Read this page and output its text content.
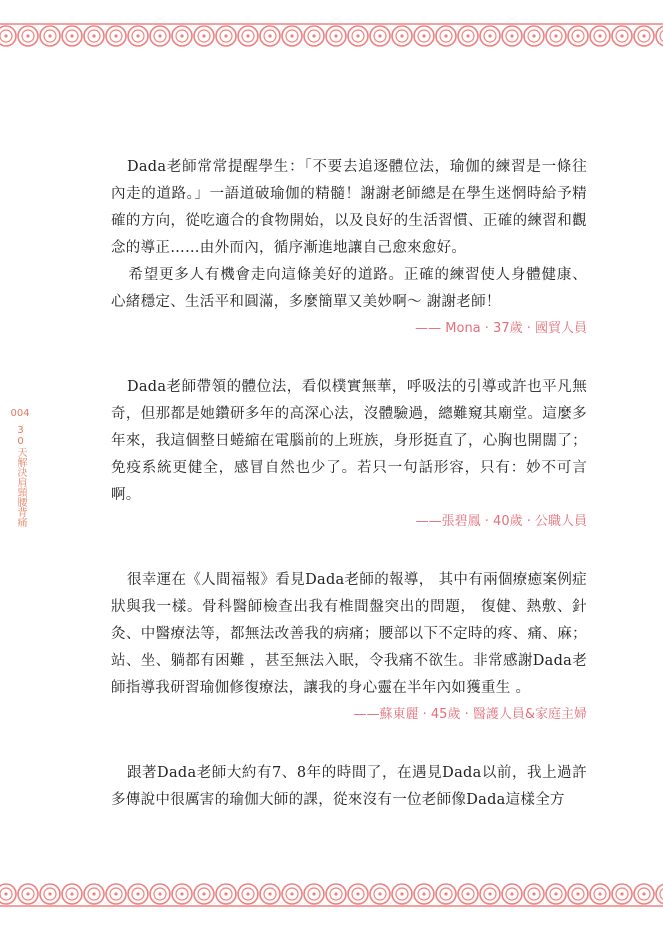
004
30天解決肩頸腰背痛

Dada老師常常提醒學生：「不要去追逐體位法，瑜伽的練習是一條往內走的道路。」一語道破瑜伽的精髓！謝謝老師總是在學生迷惘時給予精確的方向，從吃適合的食物開始，以及良好的生活習慣、正確的練習和觀念的導正……由外而內，循序漸進地讓自己愈來愈好。

希望更多人有機會走向這條美好的道路。正確的練習使人身體健康、心緒穩定、生活平和圓滿，多麼簡單又美妙啊～ 謝謝老師！

—— Mona ‧ 37歲 ‧ 國貿人員

Dada老師帶領的體位法，看似樸實無華，呼吸法的引導或許也平凡無奇，但那都是她鑽研多年的高深心法，沒體驗過，總難窺其廟堂。這麼多年來，我這個整日蜷縮在電腦前的上班族，身形挺直了，心胸也開闊了；免疫系統更健全，感冒自然也少了。若只一句話形容，只有：妙不可言啊。

——張碧鳳 ‧ 40歲 ‧ 公職人員

很幸運在《人間福報》看見Dada老師的報導， 其中有兩個療癒案例症狀與我一樣。骨科醫師檢查出我有椎間盤突出的問題， 復健、熱敷、針灸、中醫療法等，都無法改善我的病痛；腰部以下不定時的疼、痛、麻；站、坐、躺都有困難 ，甚至無法入眠，令我痛不欲生。非常感謝Dada老師指導我研習瑜伽修復療法，讓我的身心靈在半年內如獲重生 。

——蘇東麗 ‧ 45歲 ‧ 醫護人員&家庭主婦

跟著Dada老師大約有7、8年的時間了，在遇見Dada以前，我上過許多傳說中很厲害的瑜伽大師的課，從來沒有一位老師像Dada這樣全方
